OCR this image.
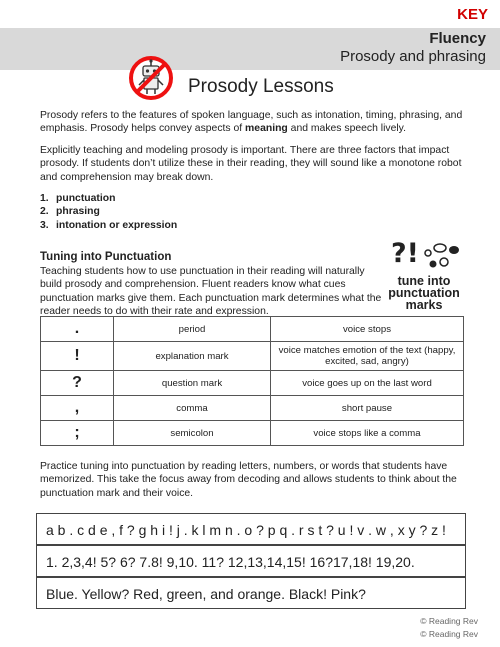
KEY
Fluency
Prosody and phrasing
Prosody Lessons
Prosody refers to the features of spoken language, such as intonation, timing, phrasing, and emphasis. Prosody helps convey aspects of meaning and makes speech lively.
Explicitly teaching and modeling prosody is important. There are three factors that impact prosody. If students don’t utilize these in their reading, they will sound like a monotone robot and comprehension may break down.
1. punctuation
2. phrasing
3. intonation or expression
Tuning into Punctuation
Teaching students how to use punctuation in their reading will naturally build prosody and comprehension. Fluent readers know what cues punctuation marks give them. Each punctuation mark determines what the reader needs to do with their rate and expression.
?!
tune into
punctuation
marks
.	period	voice stops
!	explanation mark	voice matches emotion of the text (happy, excited, sad, angry)
?	question mark	voice goes up on the last word
,	comma	short pause
;	semicolon	voice stops like a comma
Practice tuning into punctuation by reading letters, numbers, or words that students have memorized. This take the focus away from decoding and allows students to think about the punctuation mark and their voice.
a b . c d e , f ? g h i ! j . k l m n . o ? p q . r s t ? u ! v . w , x y ? z !
1. 2,3,4! 5? 6? 7.8! 9,10. 11? 12,13,14,15! 16?17,18! 19,20.
Blue. Yellow? Red, green, and orange. Black! Pink?
© Reading Rev
© Reading Rev
